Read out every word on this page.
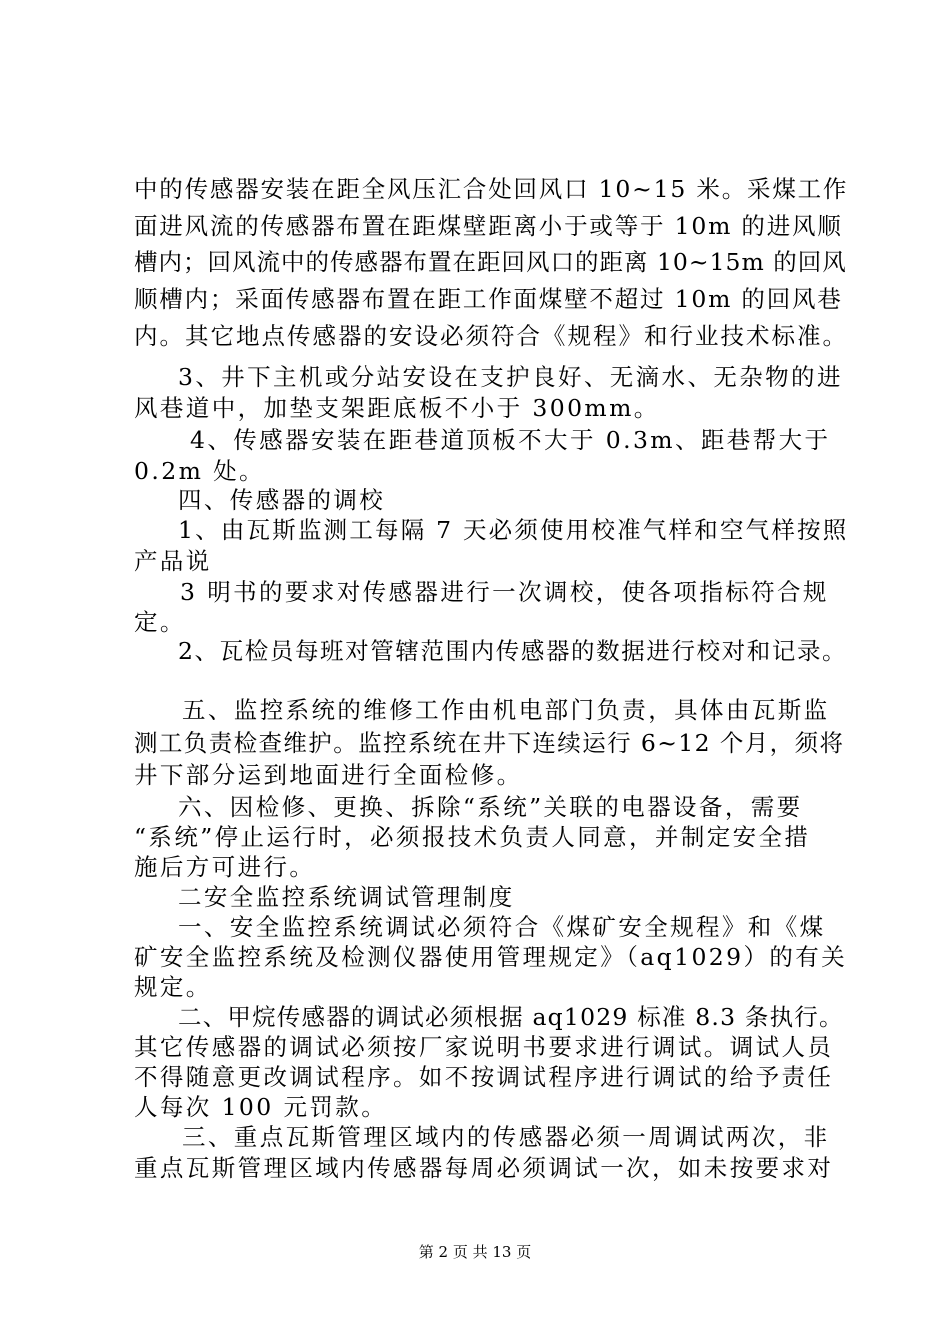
中的传感器安装在距全风压汇合处回风口 10~15 米。采煤工作
面进风流的传感器布置在距煤壁距离小于或等于 10m 的进风顺
槽内；回风流中的传感器布置在距回风口的距离 10~15m 的回风
顺槽内；采面传感器布置在距工作面煤壁不超过 10m 的回风巷
内。其它地点传感器的安设必须符合《规程》和行业技术标准。
3、井下主机或分站安设在支护良好、无滴水、无杂物的进
风巷道中，加垫支架距底板不小于 300mm。
4、传感器安装在距巷道顶板不大于 0.3m、距巷帮大于
0.2m 处。
四、传感器的调校
1、由瓦斯监测工每隔 7 天必须使用校准气样和空气样按照
产品说
3 明书的要求对传感器进行一次调校，使各项指标符合规
定。
2、瓦检员每班对管辖范围内传感器的数据进行校对和记录。
五、监控系统的维修工作由机电部门负责，具体由瓦斯监
测工负责检查维护。监控系统在井下连续运行 6~12 个月，须将
井下部分运到地面进行全面检修。
六、因检修、更换、拆除“系统”关联的电器设备，需要
“系统”停止运行时，必须报技术负责人同意，并制定安全措
施后方可进行。
二安全监控系统调试管理制度
一、安全监控系统调试必须符合《煤矿安全规程》和《煤
矿安全监控系统及检测仪器使用管理规定》（aq1029）的有关
规定。
二、甲烷传感器的调试必须根据 aq1029 标准 8.3 条执行。
其它传感器的调试必须按厂家说明书要求进行调试。调试人员
不得随意更改调试程序。如不按调试程序进行调试的给予责任
人每次 100 元罚款。
三、重点瓦斯管理区域内的传感器必须一周调试两次，非
重点瓦斯管理区域内传感器每周必须调试一次，如未按要求对
第 2 页 共 13 页
